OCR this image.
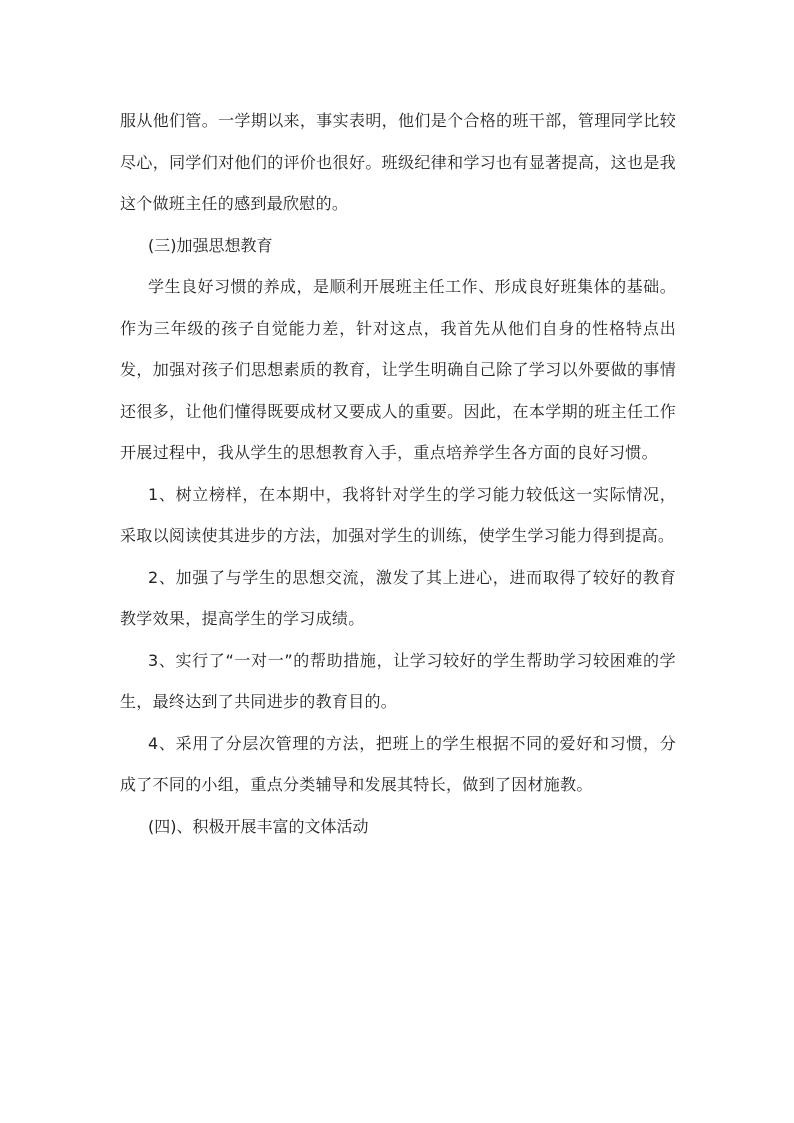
服从他们管。一学期以来，事实表明，他们是个合格的班干部，管理同学比较尽心，同学们对他们的评价也很好。班级纪律和学习也有显著提高，这也是我这个做班主任的感到最欣慰的。

(三)加强思想教育

学生良好习惯的养成，是顺利开展班主任工作、形成良好班集体的基础。作为三年级的孩子自觉能力差，针对这点，我首先从他们自身的性格特点出发，加强对孩子们思想素质的教育，让学生明确自己除了学习以外要做的事情还很多，让他们懂得既要成材又要成人的重要。因此，在本学期的班主任工作开展过程中，我从学生的思想教育入手，重点培养学生各方面的良好习惯。

1、树立榜样，在本期中，我将针对学生的学习能力较低这一实际情况，采取以阅读使其进步的方法，加强对学生的训练，使学生学习能力得到提高。

2、加强了与学生的思想交流，激发了其上进心，进而取得了较好的教育教学效果，提高学生的学习成绩。

3、实行了“一对一”的帮助措施，让学习较好的学生帮助学习较困难的学生，最终达到了共同进步的教育目的。

4、采用了分层次管理的方法，把班上的学生根据不同的爱好和习惯，分成了不同的小组，重点分类辅导和发展其特长，做到了因材施教。

(四)、积极开展丰富的文体活动
